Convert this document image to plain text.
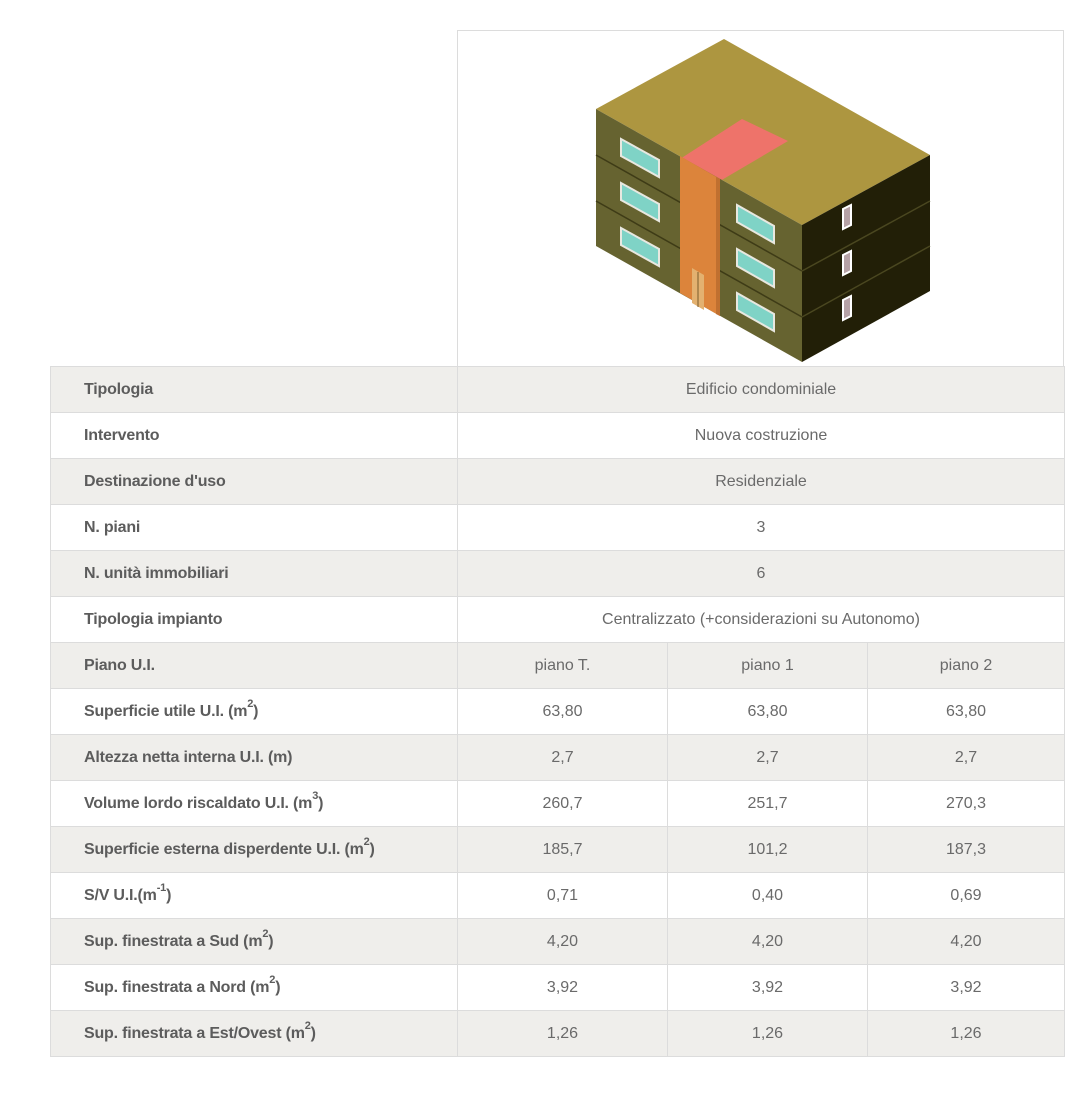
Tipologia	Edificio condominiale		
Intervento	Nuova costruzione		
Destinazione d'uso	Residenziale		
N. piani	3		
N. unità immobiliari	6		
Tipologia impianto	Centralizzato (+considerazioni su Autonomo)		
Piano U.I.	piano T.	piano 1	piano 2
Superficie utile U.I. $(m^2)$	63,80	63,80	63,80
Altezza netta interna U.I. (m)	2,7	2,7	2,7
Volume lordo riscaldato U.I. $(m^3)$	260,7	251,7	270,3
Superficie esterna disperdente U.I. $(m^2)$	185,7	101,2	187,3
S/V $U.I.(m^{-1})$	0,71	0,40	0,69
Sup. finestrata a Sud $(m^2)$	4,20	4,20	4,20
Sup. finestrata a Nord $(m^2)$	3,92	3,92	3,92
Sup. finestrata a Est/Ovest $(m^2)$	1,26	1,26	1,26
